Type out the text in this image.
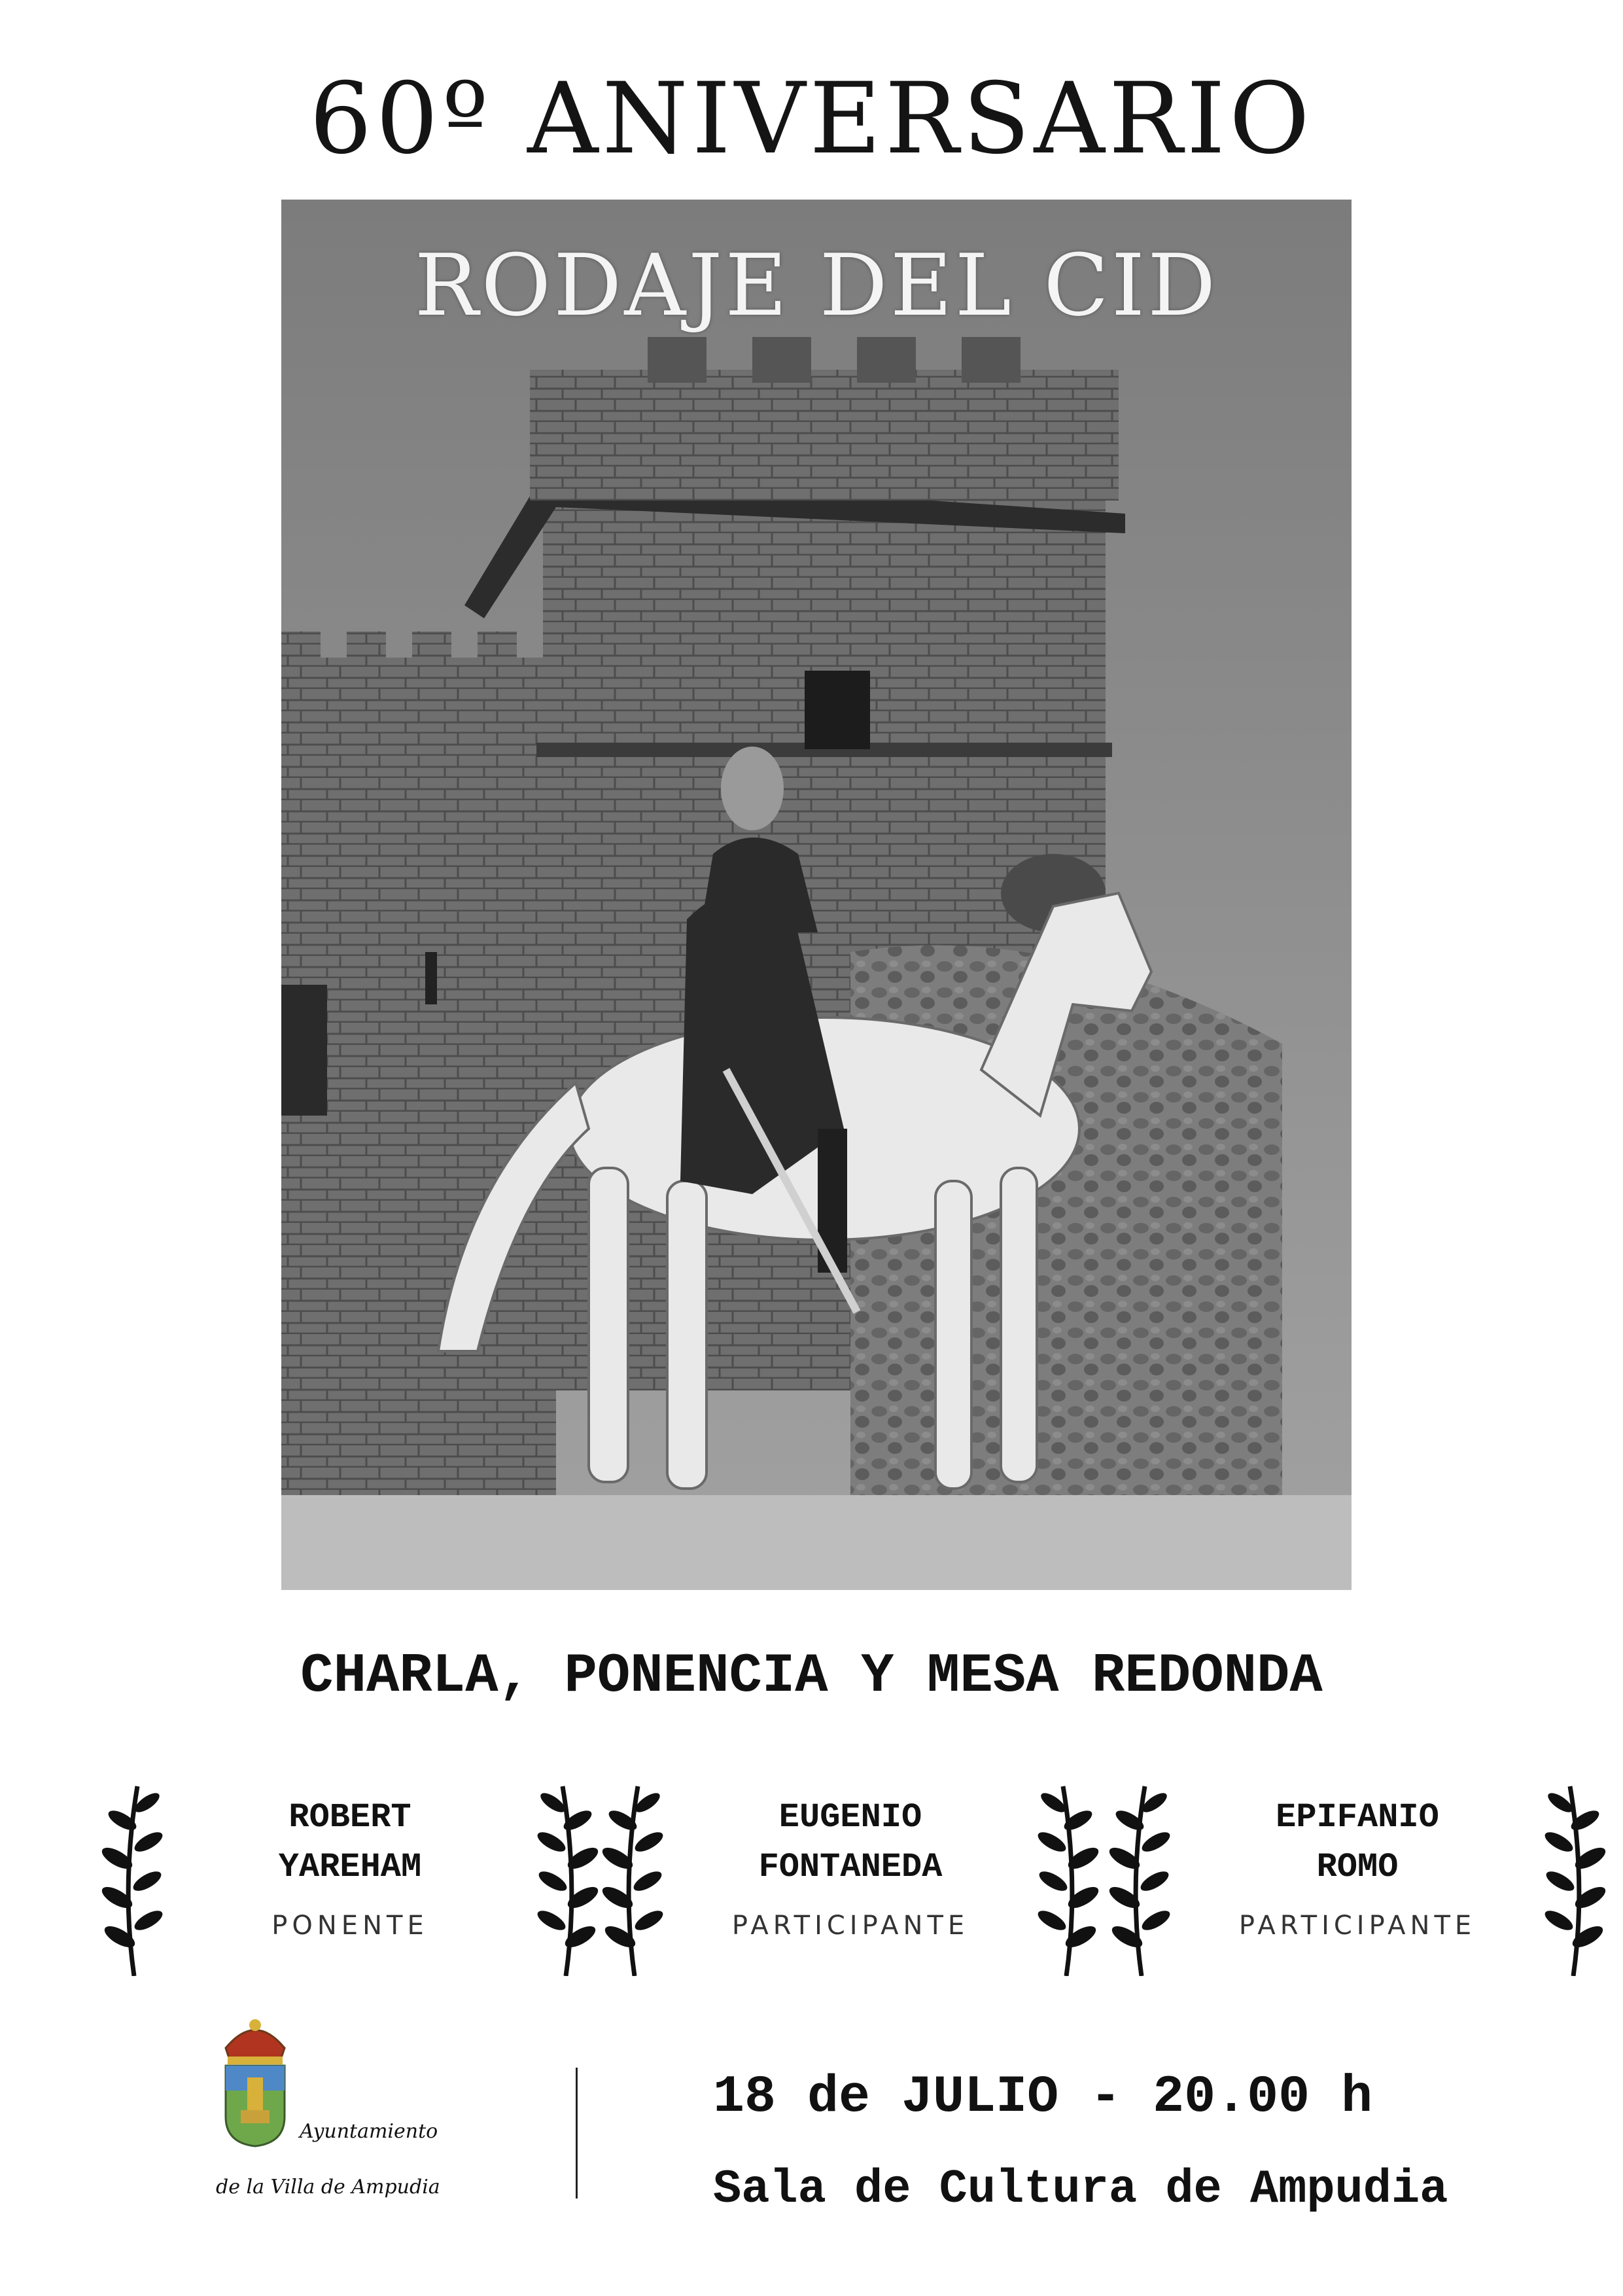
60º ANIVERSARIO
RODAJE DEL CID
CHARLA, PONENCIA Y MESA REDONDA
ROBERT
YAREHAM
PONENTE
EUGENIO
FONTANEDA
PARTICIPANTE
EPIFANIO
ROMO
PARTICIPANTE
Ayuntamiento
de la Villa de Ampudia
18 de JULIO - 20.00 h
Sala de Cultura de Ampudia
